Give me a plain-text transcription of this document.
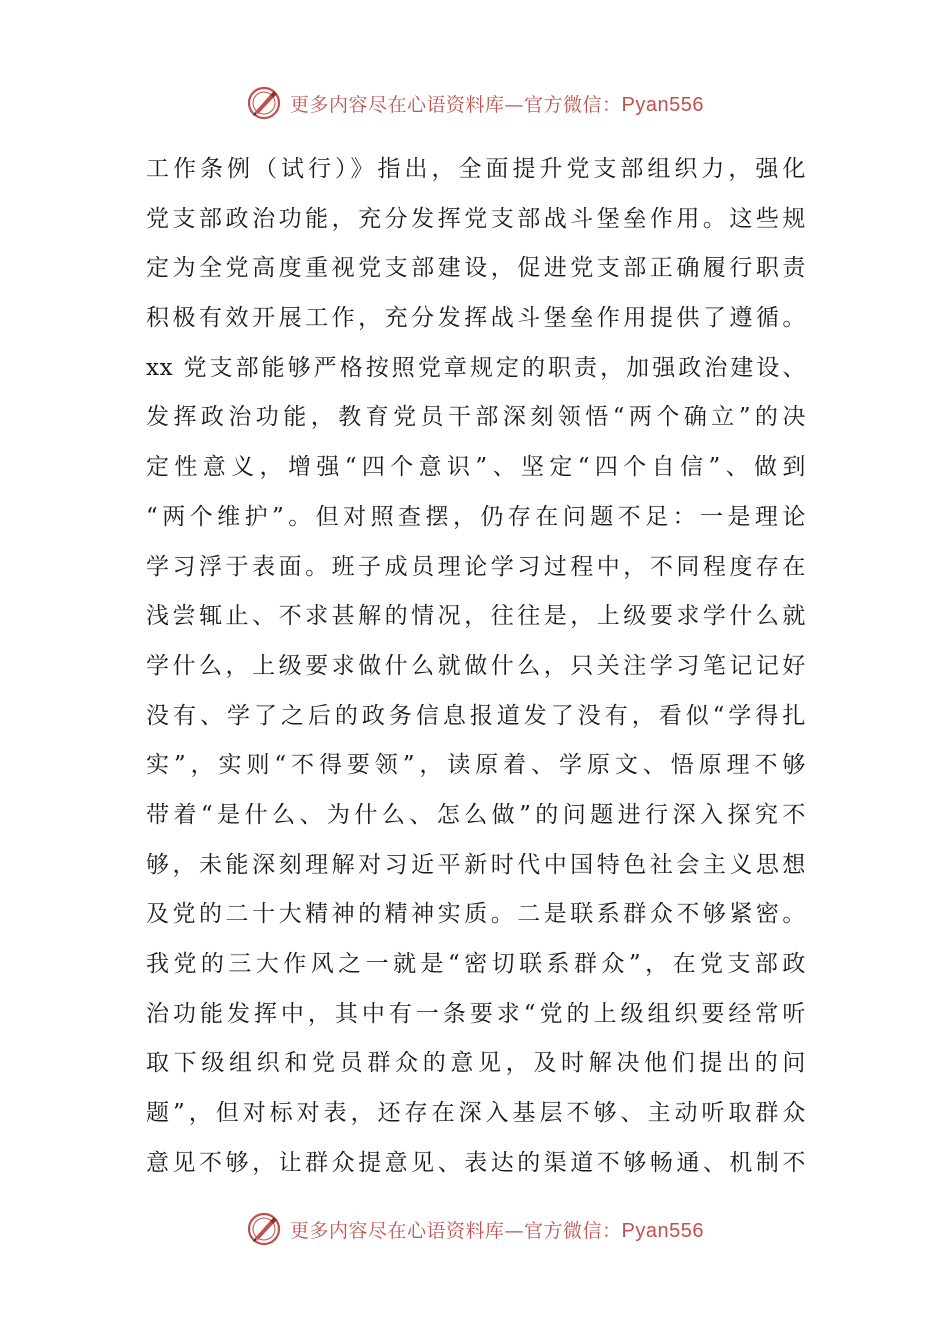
更多内容尽在心语资料库—官方微信：Pyan556
工作条例（试行）》指出，全面提升党支部组织力，强化
党支部政治功能，充分发挥党支部战斗堡垒作用。这些规
定为全党高度重视党支部建设，促进党支部正确履行职责
积极有效开展工作，充分发挥战斗堡垒作用提供了遵循。
xx 党支部能够严格按照党章规定的职责，加强政治建设、
发挥政治功能，教育党员干部深刻领悟“两个确立”的决
定性意义，增强“四个意识”、坚定“四个自信”、做到
“两个维护”。但对照查摆，仍存在问题不足：一是理论
学习浮于表面。班子成员理论学习过程中，不同程度存在
浅尝辄止、不求甚解的情况，往往是，上级要求学什么就
学什么，上级要求做什么就做什么，只关注学习笔记记好
没有、学了之后的政务信息报道发了没有，看似“学得扎
实”，实则“不得要领”，读原着、学原文、悟原理不够
带着“是什么、为什么、怎么做”的问题进行深入探究不
够，未能深刻理解对习近平新时代中国特色社会主义思想
及党的二十大精神的精神实质。二是联系群众不够紧密。
我党的三大作风之一就是“密切联系群众”，在党支部政
治功能发挥中，其中有一条要求“党的上级组织要经常听
取下级组织和党员群众的意见，及时解决他们提出的问
题”，但对标对表，还存在深入基层不够、主动听取群众
意见不够，让群众提意见、表达的渠道不够畅通、机制不
更多内容尽在心语资料库—官方微信：Pyan556
